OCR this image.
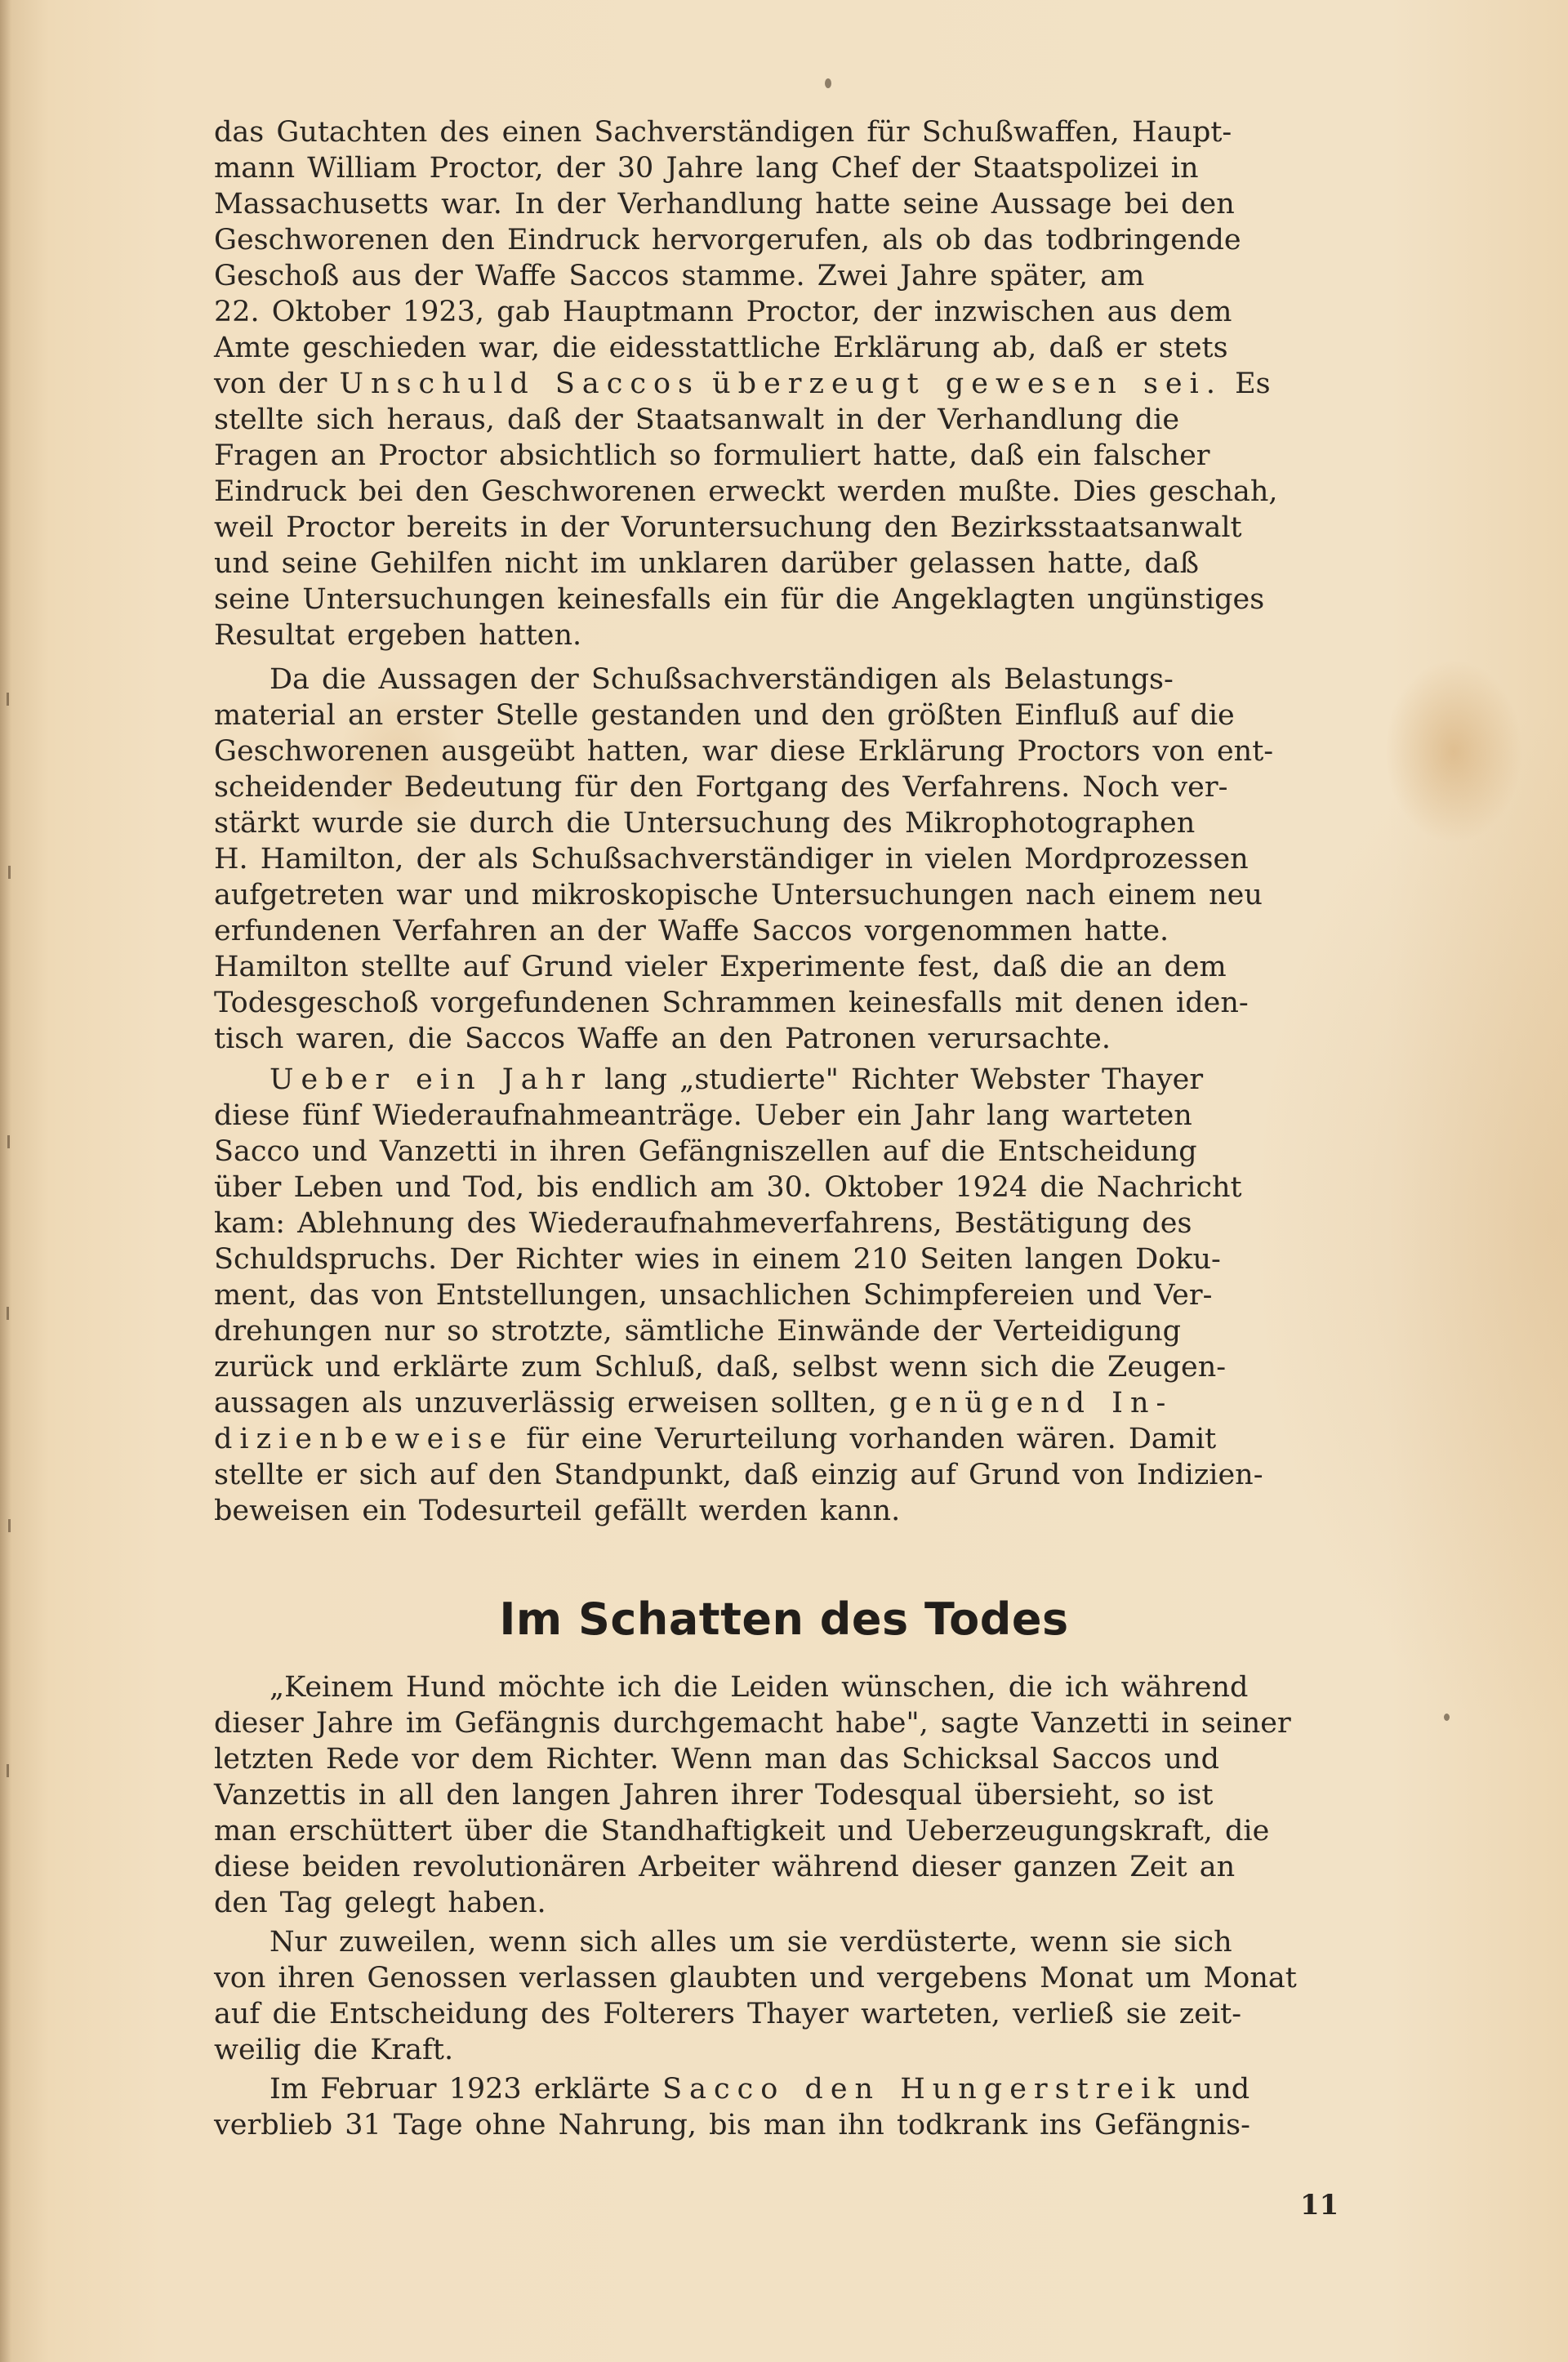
das Gutachten des einen Sachverständigen für Schußwaffen, Haupt-
mann William Proctor, der 30 Jahre lang Chef der Staatspolizei in
Massachusetts war. In der Verhandlung hatte seine Aussage bei den
Geschworenen den Eindruck hervorgerufen, als ob das todbringende
Geschoß aus der Waffe Saccos stamme. Zwei Jahre später, am
22. Oktober 1923, gab Hauptmann Proctor, der inzwischen aus dem
Amte geschieden war, die eidesstattliche Erklärung ab, daß er stets
von der Unschuld Saccos überzeugt gewesen sei. Es
stellte sich heraus, daß der Staatsanwalt in der Verhandlung die
Fragen an Proctor absichtlich so formuliert hatte, daß ein falscher
Eindruck bei den Geschworenen erweckt werden mußte. Dies geschah,
weil Proctor bereits in der Voruntersuchung den Bezirksstaatsanwalt
und seine Gehilfen nicht im unklaren darüber gelassen hatte, daß
seine Untersuchungen keinesfalls ein für die Angeklagten ungünstiges
Resultat ergeben hatten.
Da die Aussagen der Schußsachverständigen als Belastungs-
material an erster Stelle gestanden und den größten Einfluß auf die
Geschworenen ausgeübt hatten, war diese Erklärung Proctors von ent-
scheidender Bedeutung für den Fortgang des Verfahrens. Noch ver-
stärkt wurde sie durch die Untersuchung des Mikrophotographen
H. Hamilton, der als Schußsachverständiger in vielen Mordprozessen
aufgetreten war und mikroskopische Untersuchungen nach einem neu
erfundenen Verfahren an der Waffe Saccos vorgenommen hatte.
Hamilton stellte auf Grund vieler Experimente fest, daß die an dem
Todesgeschoß vorgefundenen Schrammen keinesfalls mit denen iden-
tisch waren, die Saccos Waffe an den Patronen verursachte.
Ueber ein Jahr lang „studierte" Richter Webster Thayer
diese fünf Wiederaufnahmeanträge. Ueber ein Jahr lang warteten
Sacco und Vanzetti in ihren Gefängniszellen auf die Entscheidung
über Leben und Tod, bis endlich am 30. Oktober 1924 die Nachricht
kam: Ablehnung des Wiederaufnahmeverfahrens, Bestätigung des
Schuldspruchs. Der Richter wies in einem 210 Seiten langen Doku-
ment, das von Entstellungen, unsachlichen Schimpfereien und Ver-
drehungen nur so strotzte, sämtliche Einwände der Verteidigung
zurück und erklärte zum Schluß, daß, selbst wenn sich die Zeugen-
aussagen als unzuverlässig erweisen sollten, genügend In-
dizienbeweise für eine Verurteilung vorhanden wären. Damit
stellte er sich auf den Standpunkt, daß einzig auf Grund von Indizien-
beweisen ein Todesurteil gefällt werden kann.
Im Schatten des Todes
„Keinem Hund möchte ich die Leiden wünschen, die ich während
dieser Jahre im Gefängnis durchgemacht habe", sagte Vanzetti in seiner
letzten Rede vor dem Richter. Wenn man das Schicksal Saccos und
Vanzettis in all den langen Jahren ihrer Todesqual übersieht, so ist
man erschüttert über die Standhaftigkeit und Ueberzeugungskraft, die
diese beiden revolutionären Arbeiter während dieser ganzen Zeit an
den Tag gelegt haben.
Nur zuweilen, wenn sich alles um sie verdüsterte, wenn sie sich
von ihren Genossen verlassen glaubten und vergebens Monat um Monat
auf die Entscheidung des Folterers Thayer warteten, verließ sie zeit-
weilig die Kraft.
Im Februar 1923 erklärte Sacco den Hungerstreik und
verblieb 31 Tage ohne Nahrung, bis man ihn todkrank ins Gefängnis-
11
